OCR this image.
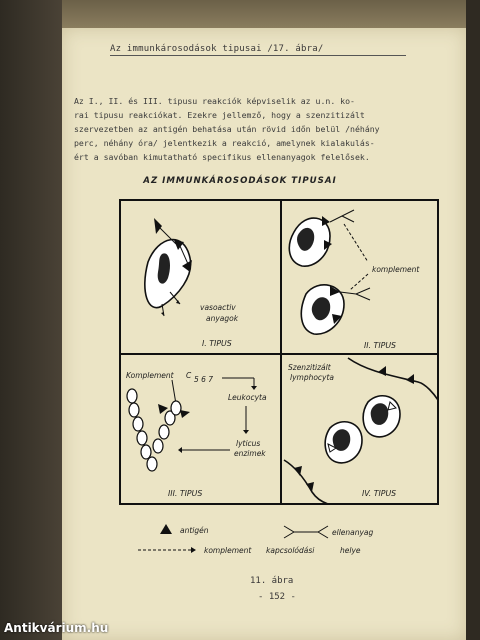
Az immunkárosodások tipusai /17. ábra/
Az I., II. és III. tipusu reakciók képviselik az u.n. ko-
rai tipusu reakciókat. Ezekre jellemző, hogy a szenzitizált
szervezetben az antigén behatása után rövid időn belül /néhány
perc, néhány óra/ jelentkezik a reakció, amelynek kialakulás-
ért a savóban kimutatható specifikus ellenanyagok felelősek.
AZ IMMUNKÁROSODÁSOK TIPUSAI
vasoactiv
anyagok
I. TIPUS
komplement
II. TIPUS
Komplement C 5 6 7
Leukocyta
lyticus
enzimek
III. TIPUS
Szenzitizált
lymphocyta
IV. TIPUS
antigén	ellenanyag
komplement kapcsolódási	helye
11. ábra
- 152 -
Antikvárium.hu
